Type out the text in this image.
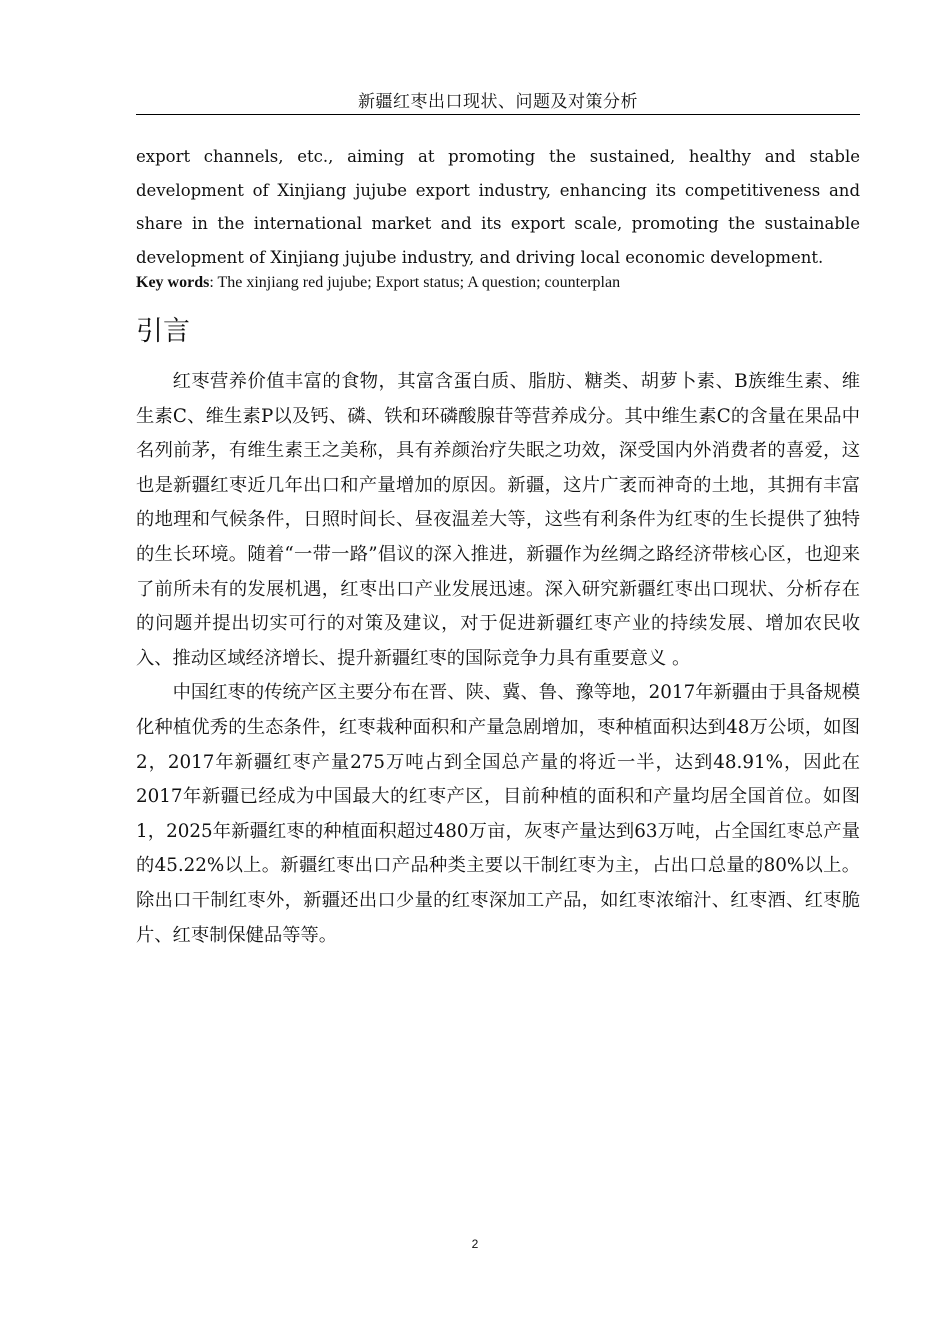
新疆红枣出口现状、问题及对策分析

export channels, etc., aiming at promoting the sustained, healthy and stable development of Xinjiang jujube export industry, enhancing its competitiveness and share in the international market and its export scale, promoting the sustainable development of Xinjiang jujube industry, and driving local economic development.

Key words: The xinjiang red jujube; Export status; A question; counterplan

引言

红枣营养价值丰富的食物，其富含蛋白质、脂肪、糖类、胡萝卜素、B族维生素、维生素C、维生素P以及钙、磷、铁和环磷酸腺苷等营养成分。其中维生素C的含量在果品中名列前茅，有维生素王之美称，具有养颜治疗失眠之功效，深受国内外消费者的喜爱，这也是新疆红枣近几年出口和产量增加的原因。新疆，这片广袤而神奇的土地，其拥有丰富的地理和气候条件，日照时间长、昼夜温差大等，这些有利条件为红枣的生长提供了独特的生长环境。随着“一带一路”倡议的深入推进，新疆作为丝绸之路经济带核心区，也迎来了前所未有的发展机遇，红枣出口产业发展迅速。深入研究新疆红枣出口现状、分析存在的问题并提出切实可行的对策及建议，对于促进新疆红枣产业的持续发展、增加农民收入、推动区域经济增长、提升新疆红枣的国际竞争力具有重要意义 。

中国红枣的传统产区主要分布在晋、陕、冀、鲁、豫等地，2017年新疆由于具备规模化种植优秀的生态条件，红枣栽种面积和产量急剧增加，枣种植面积达到48万公顷，如图2，2017年新疆红枣产量275万吨占到全国总产量的将近一半，达到48.91%，因此在2017年新疆已经成为中国最大的红枣产区，目前种植的面积和产量均居全国首位。如图1，2025年新疆红枣的种植面积超过480万亩，灰枣产量达到63万吨，占全国红枣总产量的45.22%以上。新疆红枣出口产品种类主要以干制红枣为主，占出口总量的80%以上。除出口干制红枣外，新疆还出口少量的红枣深加工产品，如红枣浓缩汁、红枣酒、红枣脆片、红枣制保健品等等。

2
